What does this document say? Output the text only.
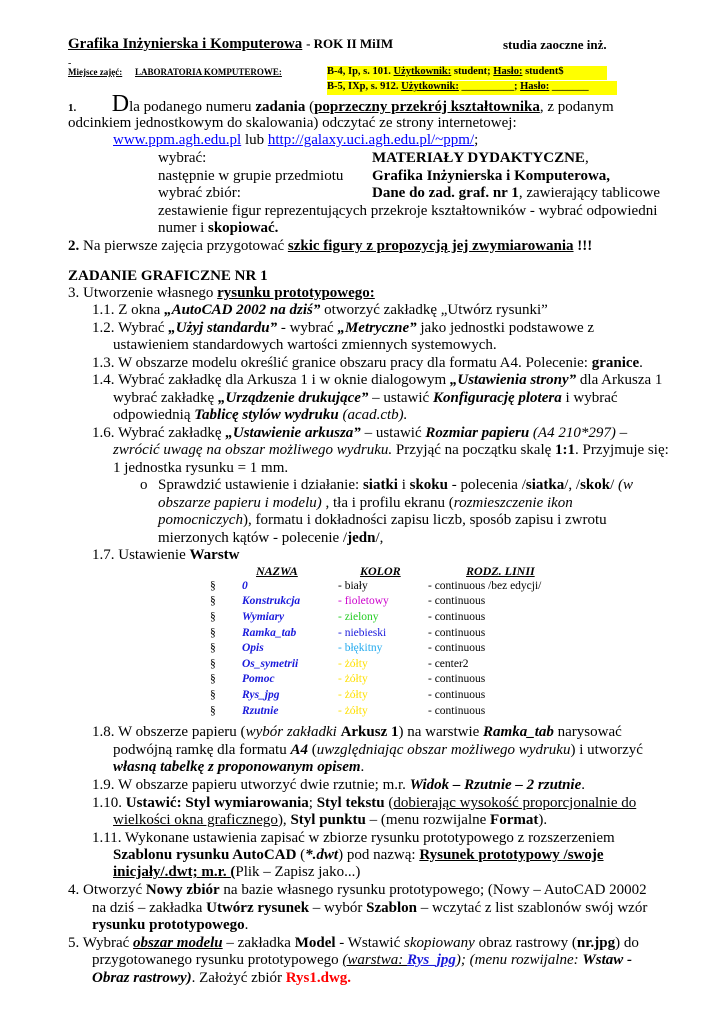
Grafika Inżynierska i Komputerowa - ROK II MiIM	studia zaoczne inż.
-
Miejsce zajęć: LABORATORIA KOMPUTEROWE:	B-4, Ip, s. 101. Użytkownik: student; Hasło: student$
B-5, IXp, s. 912. Użytkownik: __________; Hasło: _______
1. Dla podanego numeru zadania (poprzeczny przekrój kształtownika, z podanym
odcinkiem jednostkowym do skalowania) odczytać ze strony internetowej:
www.ppm.agh.edu.pl lub http://galaxy.uci.agh.edu.pl/~ppm/;
wybrać:	MATERIAŁY DYDAKTYCZNE,
następnie w grupie przedmiotu Grafika Inżynierska i Komputerowa,
wybrać zbiór:	Dane do zad. graf. nr 1, zawierający tablicowe
zestawienie figur reprezentujących przekroje kształtowników - wybrać odpowiedni
numer i skopiować.
2. Na pierwsze zajęcia przygotować szkic figury z propozycją jej zwymiarowania !!!
ZADANIE GRAFICZNE NR 1
3. Utworzenie własnego rysunku prototypowego:
1.1. Z okna „AutoCAD 2002 na dziś” otworzyć zakładkę „Utwórz rysunki”
1.2. Wybrać „Użyj standardu” - wybrać „Metryczne” jako jednostki podstawowe z
ustawieniem standardowych wartości zmiennych systemowych.
1.3. W obszarze modelu określić granice obszaru pracy dla formatu A4. Polecenie: granice.
1.4. Wybrać zakładkę dla Arkusza 1 i w oknie dialogowym „Ustawienia strony” dla Arkusza 1
wybrać zakładkę „Urządzenie drukujące” – ustawić Konfigurację plotera i wybrać
odpowiednią Tablicę stylów wydruku (acad.ctb).
1.6. Wybrać zakładkę „Ustawienie arkusza” – ustawić Rozmiar papieru (A4 210*297) –
zwrócić uwagę na obszar możliwego wydruku. Przyjąć na początku skalę 1:1. Przyjmuje się:
1 jednostka rysunku = 1 mm.
o Sprawdzić ustawienie i działanie: siatki i skoku - polecenia /siatka/, /skok/ (w
obszarze papieru i modelu) , tła i profilu ekranu (rozmieszczenie ikon
pomocniczych), formatu i dokładności zapisu liczb, sposób zapisu i zwrotu
mierzonych kątów - polecenie /jedn/,
1.7. Ustawienie Warstw
NAZWA	KOLOR	RODZ. LINII
§	0	- biały	- continuous /bez edycji/
§	Konstrukcja	- fioletowy	- continuous
§	Wymiary	- zielony	- continuous
§	Ramka_tab	- niebieski	- continuous
§	Opis	- błękitny	- continuous
§	Os_symetrii	- żółty	- center2
§	Pomoc	- żółty	- continuous
§	Rys_jpg	- żółty	- continuous
§	Rzutnie	- żółty	- continuous
1.8. W obszerze papieru (wybór zakładki Arkusz 1) na warstwie Ramka_tab narysować
podwójną ramkę dla formatu A4 (uwzględniając obszar możliwego wydruku) i utworzyć
własną tabelkę z proponowanym opisem.
1.9. W obszarze papieru utworzyć dwie rzutnie; m.r. Widok – Rzutnie – 2 rzutnie.
1.10. Ustawić: Styl wymiarowania; Styl tekstu (dobierając wysokość proporcjonalnie do
wielkości okna graficznego), Styl punktu – (menu rozwijalne Format).
1.11. Wykonane ustawienia zapisać w zbiorze rysunku prototypowego z rozszerzeniem
Szablonu rysunku AutoCAD (*.dwt) pod nazwą: Rysunek prototypowy /swoje
inicjały/.dwt; m.r. (Plik – Zapisz jako...)
4. Otworzyć Nowy zbiór na bazie własnego rysunku prototypowego; (Nowy – AutoCAD 20002
na dziś – zakładka Utwórz rysunek – wybór Szablon – wczytać z list szablonów swój wzór
rysunku prototypowego.
5. Wybrać obszar modelu – zakładka Model - Wstawić skopiowany obraz rastrowy (nr.jpg) do
przygotowanego rysunku prototypowego (warstwa: Rys_jpg); (menu rozwijalne: Wstaw -
Obraz rastrowy). Założyć zbiór Rys1.dwg.
